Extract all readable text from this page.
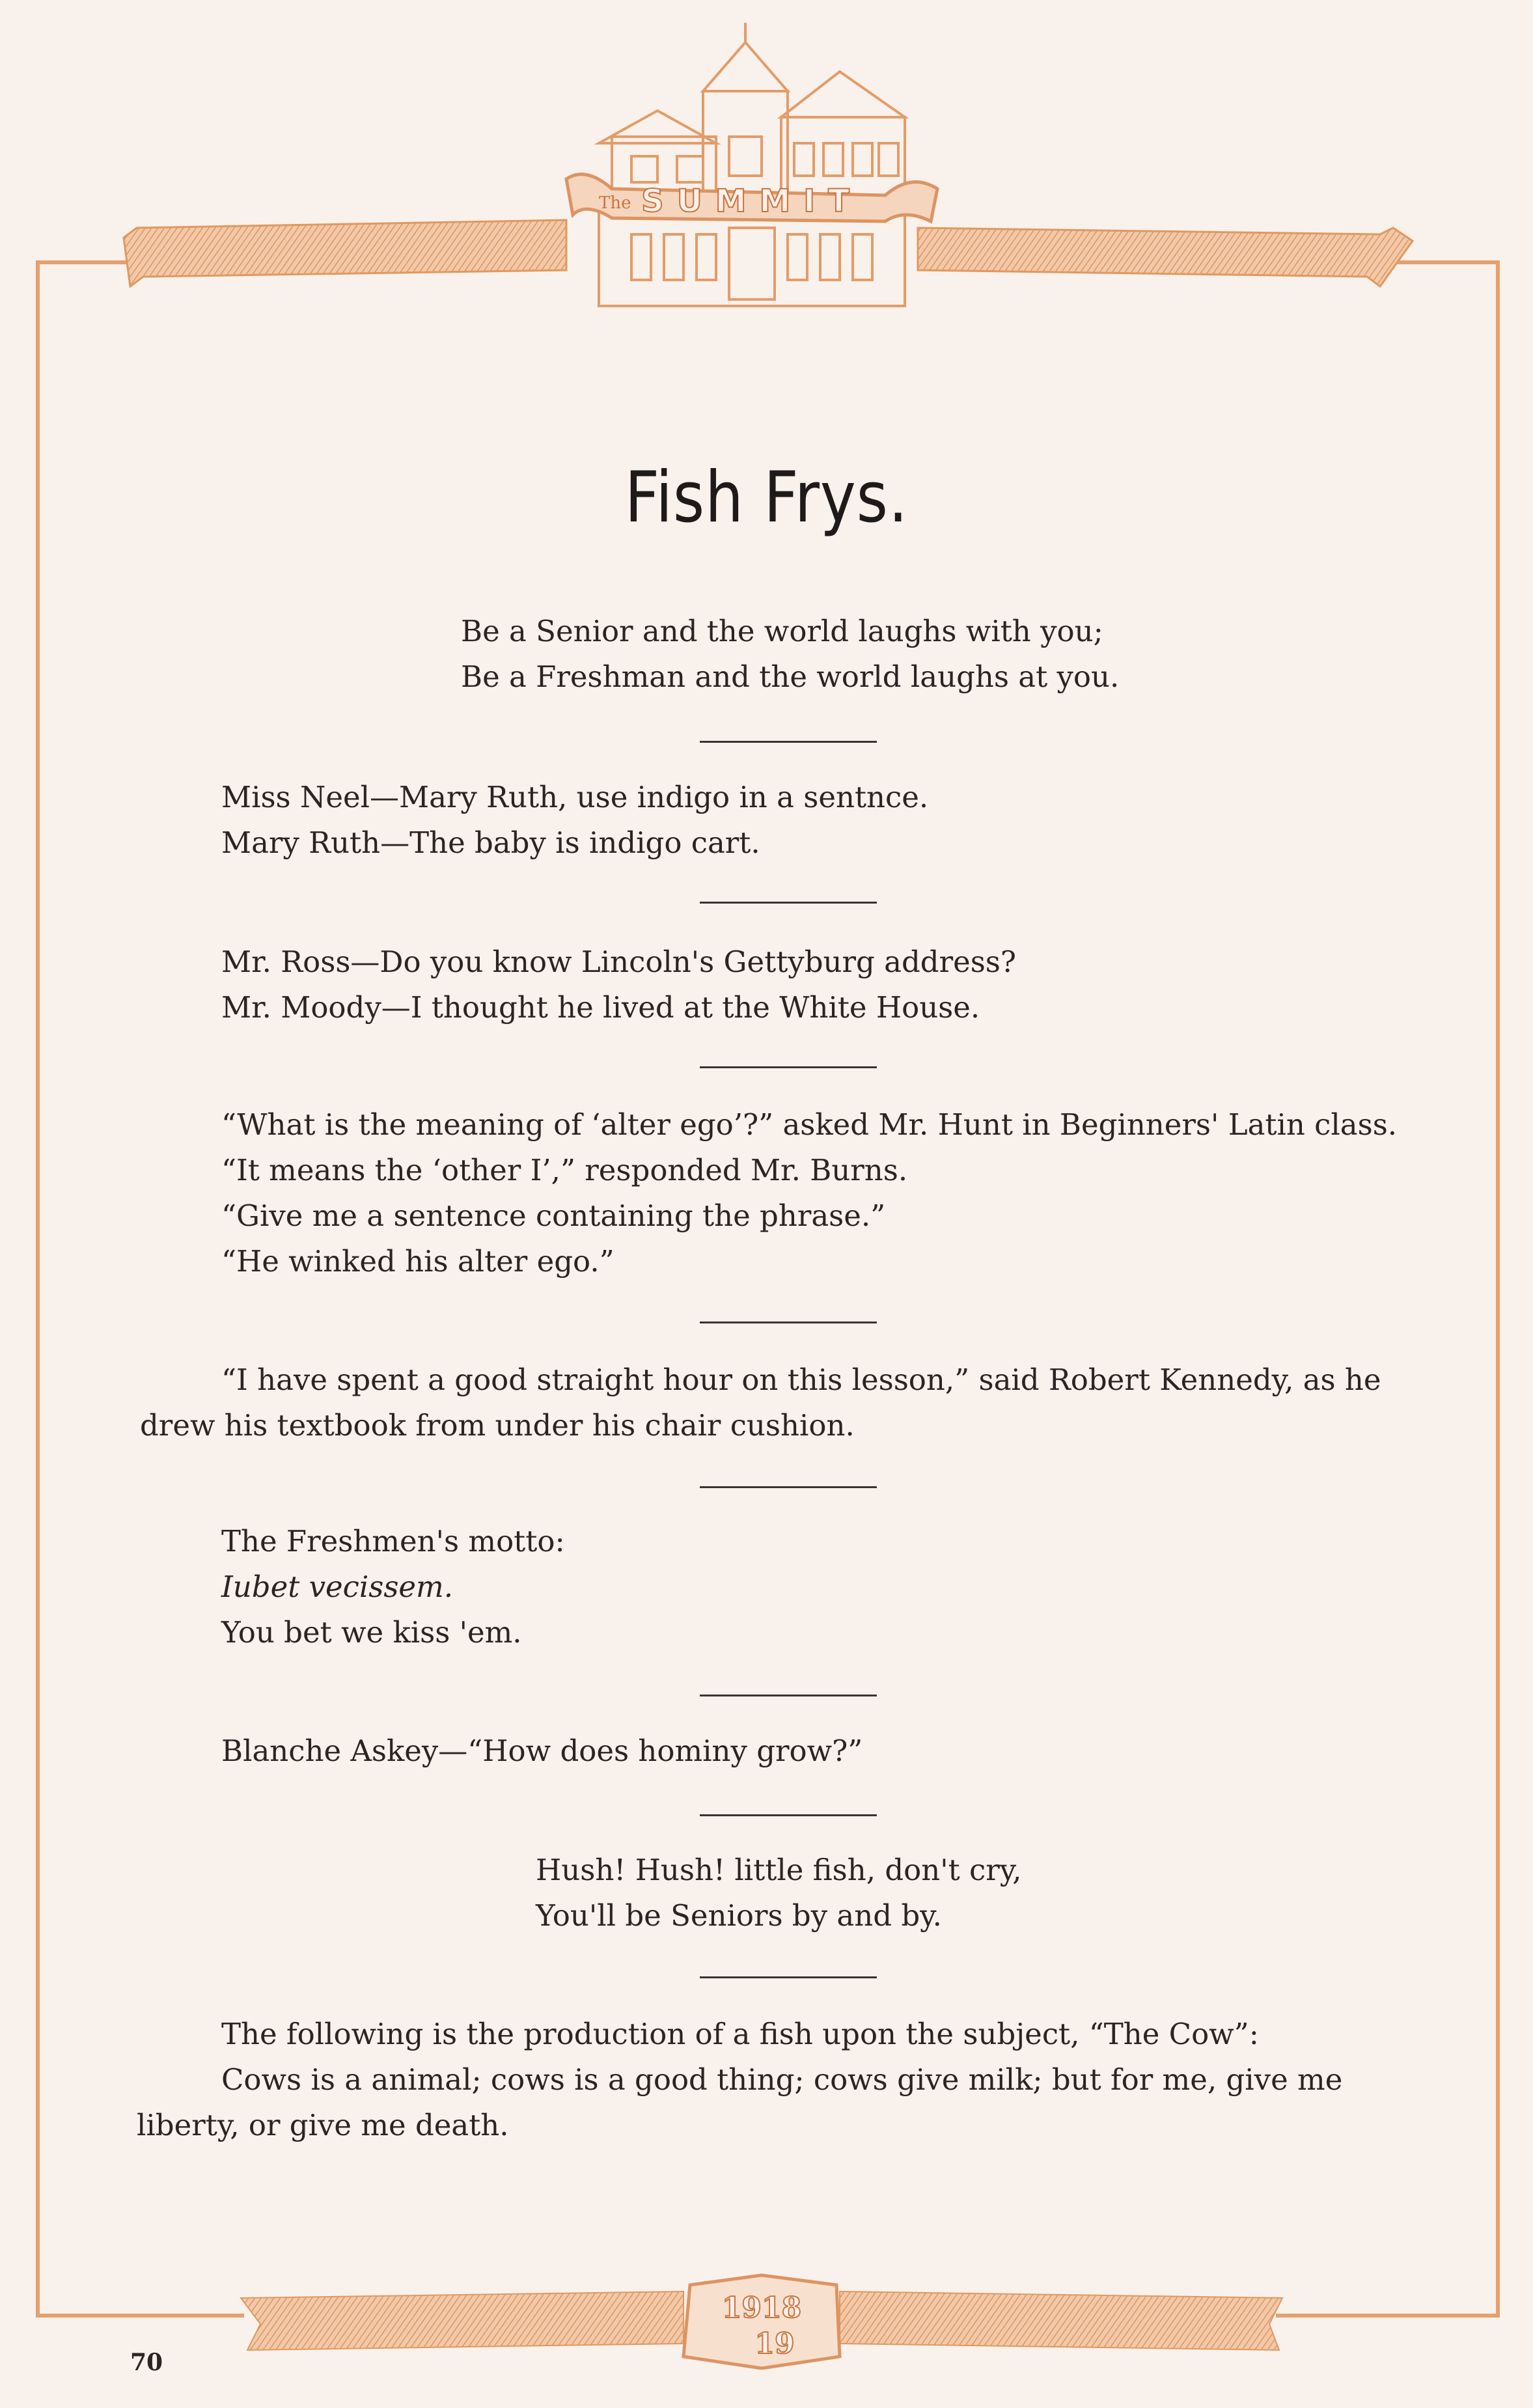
The SUMMIT
Fish Frys.
Be a Senior and the world laughs with you;
Be a Freshman and the world laughs at you.
Miss Neel—Mary Ruth, use indigo in a sentnce.
Mary Ruth—The baby is indigo cart.
Mr. Ross—Do you know Lincoln's Gettyburg address?
Mr. Moody—I thought he lived at the White House.
“What is the meaning of ‘alter ego’?” asked Mr. Hunt in Beginners' Latin class.
“It means the ‘other I’,” responded Mr. Burns.
“Give me a sentence containing the phrase.”
“He winked his alter ego.”
“I have spent a good straight hour on this lesson,” said Robert Kennedy, as he drew his textbook from under his chair cushion.
The Freshmen's motto:
Iubet vecissem.
You bet we kiss 'em.
Blanche Askey—“How does hominy grow?”
Hush! Hush! little fish, don't cry,
You'll be Seniors by and by.
The following is the production of a fish upon the subject, “The Cow”:
Cows is a animal; cows is a good thing; cows give milk; but for me, give me liberty, or give me death.
1918
19
70
